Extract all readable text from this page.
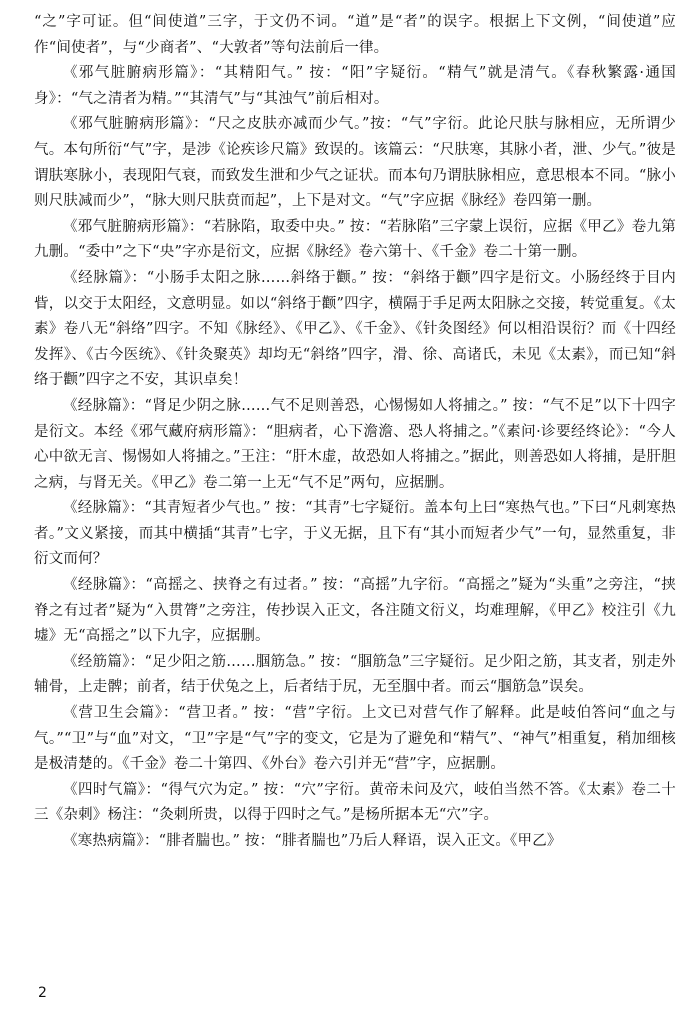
“之”字可证。但“间使道”三字，于文仍不词。“道”是“者”的误字。根据上下文例，“间使道”应作“间使者”，与“少商者”、“大敦者”等句法前后一律。

《邪气脏腑病形篇》：“其精阳气。” 按：“阳”字疑衍。“精气”就是清气。《春秋繁露·通国身》：“气之清者为精。”“其清气”与“其浊气”前后相对。

《邪气脏腑病形篇》：“尺之皮肤亦减而少气。”按：“气”字衍。此论尺肤与脉相应，无所谓少气。本句所衍“气”字，是涉《论疾诊尺篇》致误的。该篇云：“尺肤寒，其脉小者，泄、少气。”彼是谓肤寒脉小，表现阳气衰，而致发生泄和少气之证状。而本句乃谓肤脉相应，意思根本不同。“脉小则尺肤减而少”，“脉大则尺肤贲而起”，上下是对文。“气”字应据《脉经》卷四第一删。

《邪气脏腑病形篇》：“若脉陷，取委中央。” 按：“若脉陷”三字蒙上误衍，应据《甲乙》卷九第九删。“委中”之下“央”字亦是衍文，应据《脉经》卷六第十、《千金》卷二十第一删。

《经脉篇》：“小肠手太阳之脉……斜络于颧。” 按：“斜络于颧”四字是衍文。小肠经终于目内眥，以交于太阳经，文意明显。如以“斜络于颧”四字，横隔于手足两太阳脉之交接，转觉重复。《太素》卷八无“斜络”四字。不知《脉经》、《甲乙》、《千金》、《针灸图经》何以相沿误衍？而《十四经发挥》、《古今医统》、《针灸聚英》却均无“斜络”四字，滑、徐、高诸氏，未见《太素》，而已知“斜络于颧”四字之不安，其识卓矣！

《经脉篇》：“肾足少阴之脉……气不足则善恐，心惕惕如人将捕之。” 按：“气不足”以下十四字是衍文。本经《邪气藏府病形篇》：“胆病者，心下澹澹、恐人将捕之。”《素问·诊要经终论》：“今人心中欲无言、惕惕如人将捕之。”王注：“肝木虚，故恐如人将捕之。”据此，则善恐如人将捕，是肝胆之病，与肾无关。《甲乙》卷二第一上无“气不足”两句，应据删。

《经脉篇》：“其青短者少气也。” 按：“其青”七字疑衍。盖本句上曰“寒热气也。”下曰“凡刺寒热者。”文义紧接，而其中横插“其青”七字，于义无据，且下有“其小而短者少气”一句，显然重复，非衍文而何？

《经脉篇》：“高摇之、挟脊之有过者。” 按：“高摇”九字衍。“高摇之”疑为“头重”之旁注，“挟脊之有过者”疑为“入贯膂”之旁注，传抄误入正文，各注随文衍义，均难理解，《甲乙》校注引《九墟》无“高摇之”以下九字，应据删。

《经筋篇》：“足少阳之筋……腘筋急。” 按：“腘筋急”三字疑衍。足少阳之筋，其支者，别走外辅骨，上走髀；前者，结于伏兔之上，后者结于尻，无至腘中者。而云“腘筋急”误矣。

《营卫生会篇》：“营卫者。” 按：“营”字衍。上文已对营气作了解释。此是岐伯答问“血之与气。”“卫”与“血”对文，“卫”字是“气”字的变文，它是为了避免和“精气”、“神气”相重复，稍加细核是极清楚的。《千金》卷二十第四、《外台》卷六引并无“营”字，应据删。

《四时气篇》：“得气穴为定。” 按：“穴”字衍。黄帝未问及穴，岐伯当然不答。《太素》卷二十三《杂刺》杨注：“灸刺所贵，以得于四时之气。”是杨所据本无“穴”字。

《寒热病篇》：“腓者腨也。” 按：“腓者腨也”乃后人释语，误入正文。《甲乙》

2
